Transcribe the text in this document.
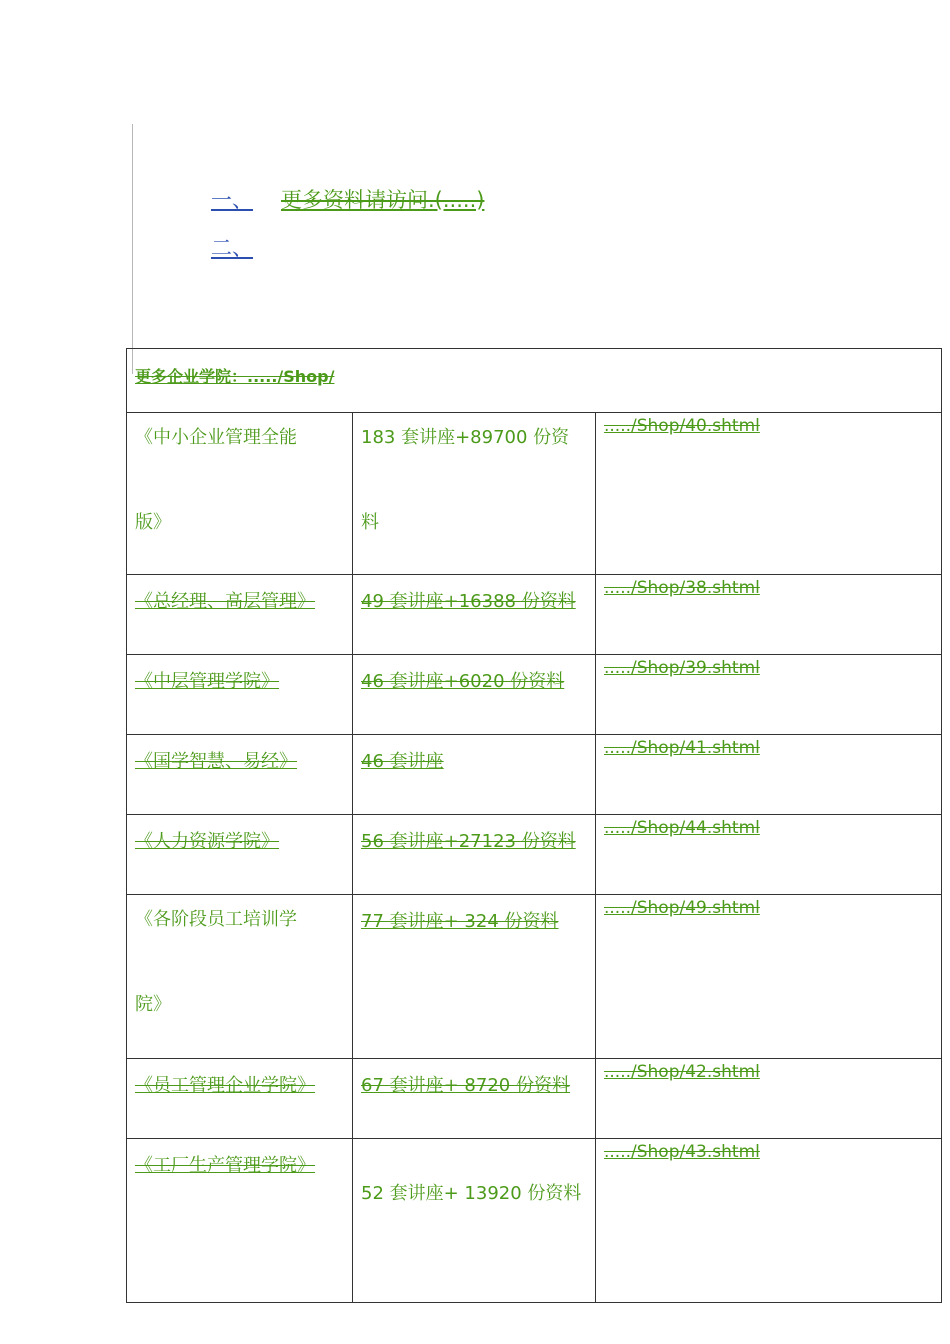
一、 更多资料请访问.(.....)
二、
更多企业学院：...../Shop/		
《中小企业管理全能版》	183 套讲座+89700 份资料	...../Shop/40.shtml
《总经理、高层管理》	49 套讲座+16388 份资料	...../Shop/38.shtml
《中层管理学院》	46 套讲座+6020 份资料	...../Shop/39.shtml
《国学智慧、易经》	46 套讲座	...../Shop/41.shtml
《人力资源学院》	56 套讲座+27123 份资料	...../Shop/44.shtml
《各阶段员工培训学院》	77 套讲座+ 324 份资料	...../Shop/49.shtml
《员工管理企业学院》	67 套讲座+ 8720 份资料	...../Shop/42.shtml
《工厂生产管理学院》	52 套讲座+ 13920 份资料	...../Shop/43.shtml
